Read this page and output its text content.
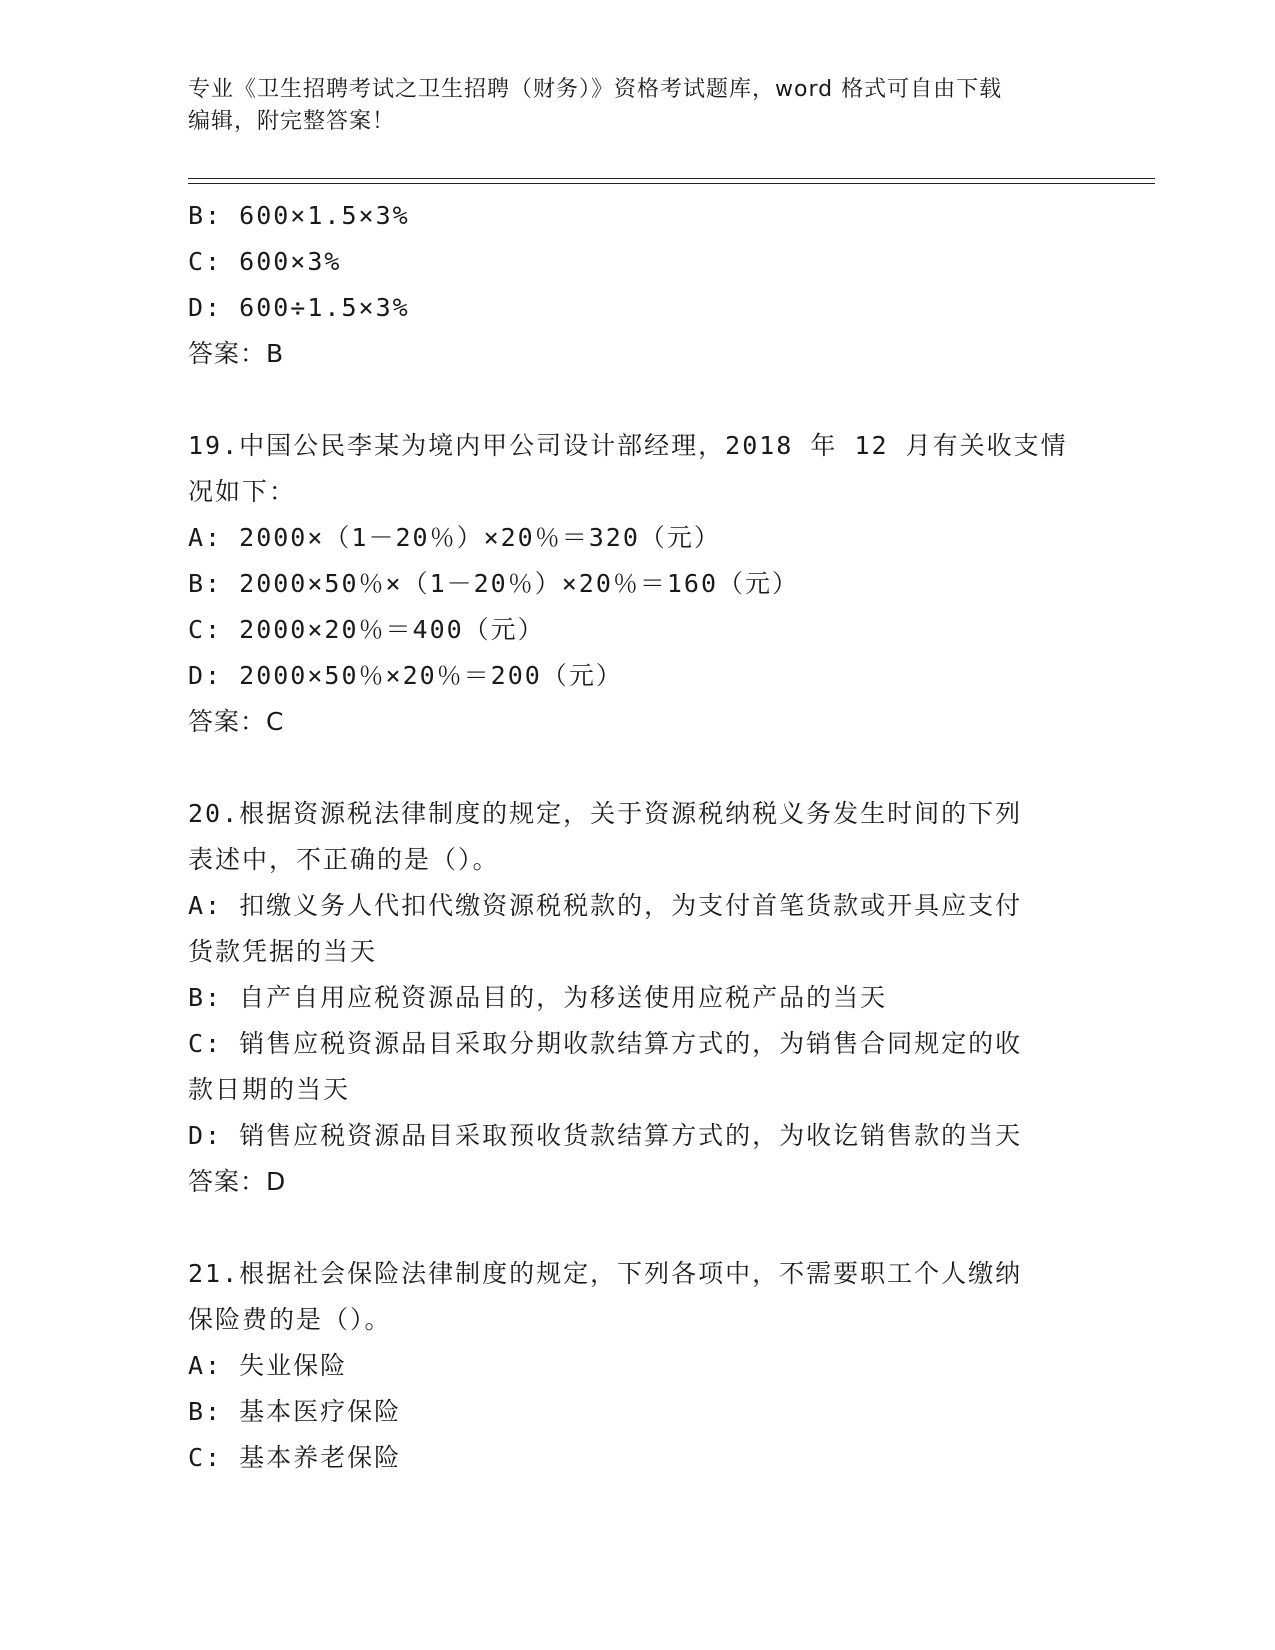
专业《卫生招聘考试之卫生招聘（财务）》资格考试题库，word 格式可自由下载
编辑，附完整答案！
B: 600×1.5×3%
C: 600×3%
D: 600÷1.5×3%
答案：B
19.中国公民李某为境内甲公司设计部经理，2018 年 12 月有关收支情
况如下：
A: 2000×（1－20％）×20％＝320（元）
B: 2000×50％×（1－20％）×20％＝160（元）
C: 2000×20％＝400（元）
D: 2000×50％×20％＝200（元）
答案：C
20.根据资源税法律制度的规定，关于资源税纳税义务发生时间的下列
表述中，不正确的是（）。
A: 扣缴义务人代扣代缴资源税税款的，为支付首笔货款或开具应支付
货款凭据的当天
B: 自产自用应税资源品目的，为移送使用应税产品的当天
C: 销售应税资源品目采取分期收款结算方式的，为销售合同规定的收
款日期的当天
D: 销售应税资源品目采取预收货款结算方式的，为收讫销售款的当天
答案：D
21.根据社会保险法律制度的规定，下列各项中，不需要职工个人缴纳
保险费的是（）。
A: 失业保险
B: 基本医疗保险
C: 基本养老保险
